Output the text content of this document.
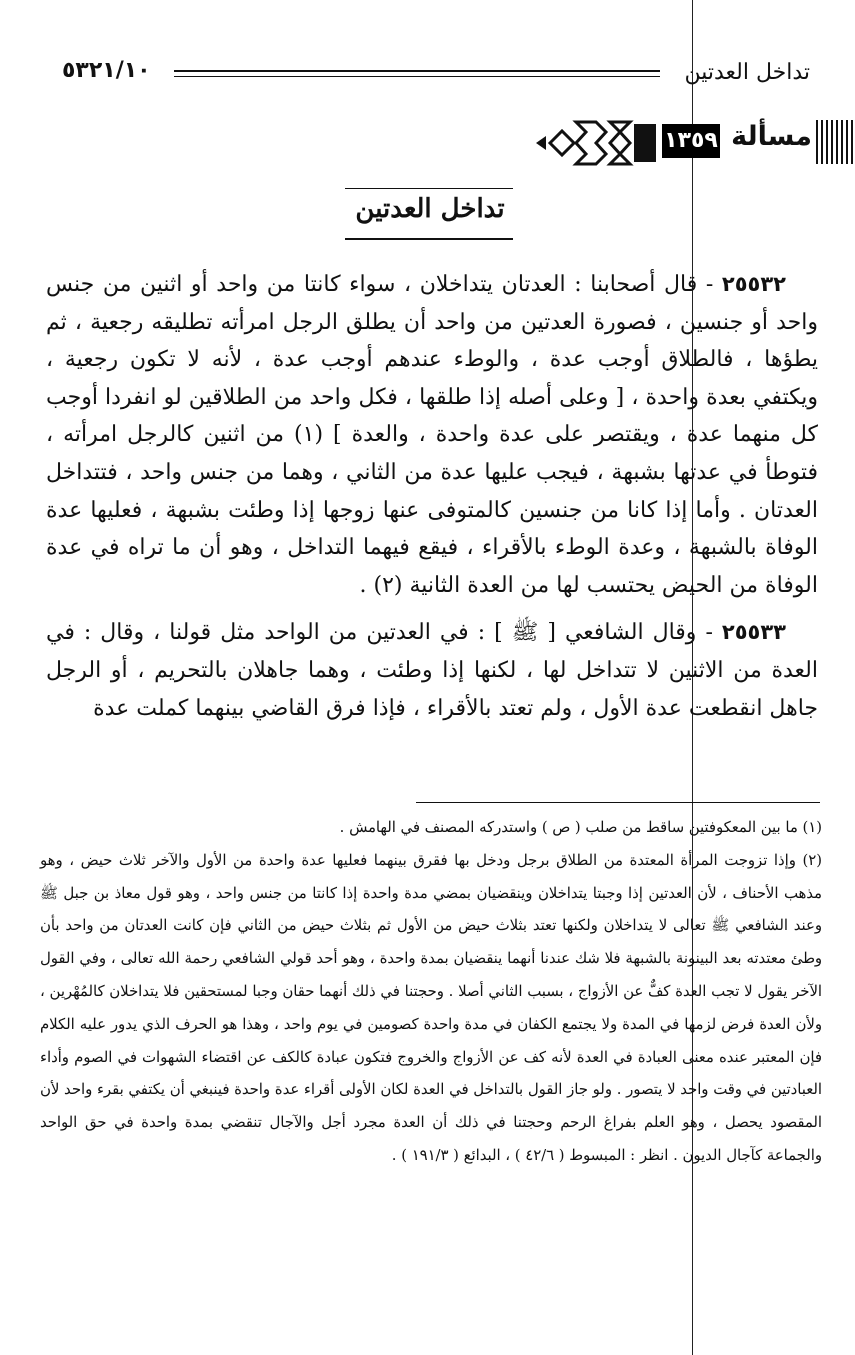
٥٣٢١/١٠	تداخل العدتين
١٣٥٩ مسألة
تداخل العدتين

٢٥٥٣٢ - قال أصحابنا : العدتان يتداخلان ، سواء كانتا من واحد أو اثنين من جنس واحد أو جنسين ، فصورة العدتين من واحد أن يطلق الرجل امرأته تطليقه رجعية ، ثم يطؤها ، فالطلاق أوجب عدة ، والوطء عندهم أوجب عدة ، لأنه لا تكون رجعية ، ويكتفي بعدة واحدة ، [ وعلى أصله إذا طلقها ، فكل واحد من الطلاقين لو انفردا أوجب كل منهما عدة ، ويقتصر على عدة واحدة ، والعدة ] (١) من اثنين كالرجل امرأته ، فتوطأ في عدتها بشبهة ، فيجب عليها عدة من الثاني ، وهما من جنس واحد ، فتتداخل العدتان . وأما إذا كانا من جنسين كالمتوفى عنها زوجها إذا وطئت بشبهة ، فعليها عدة الوفاة بالشبهة ، وعدة الوطء بالأقراء ، فيقع فيهما التداخل ، وهو أن ما تراه في عدة الوفاة من الحيض يحتسب لها من العدة الثانية (٢) .

٢٥٥٣٣ - وقال الشافعي [ ﷺ ] : في العدتين من الواحد مثل قولنا ، وقال : في العدة من الاثنين لا تتداخل لها ، لكنها إذا وطئت ، وهما جاهلان بالتحريم ، أو الرجل جاهل انقطعت عدة الأول ، ولم تعتد بالأقراء ، فإذا فرق القاضي بينهما كملت عدة

(١) ما بين المعكوفتين ساقط من صلب ( ص ) واستدركه المصنف في الهامش .

(٢) وإذا تزوجت المرأة المعتدة من الطلاق برجل ودخل بها فقرق بينهما فعليها عدة واحدة من الأول والآخر ثلاث حيض ، وهو مذهب الأحناف ، لأن العدتين إذا وجبتا يتداخلان وينقضيان بمضي مدة واحدة إذا كانتا من جنس واحد ، وهو قول معاذ بن جبل ﷺ وعند الشافعي ﷺ تعالى لا يتداخلان ولكنها تعتد بثلاث حيض من الأول ثم بثلاث حيض من الثاني فإن كانت العدتان من واحد بأن وطئ معتدته بعد البينونة بالشبهة فلا شك عندنا أنهما ينقضيان بمدة واحدة ، وهو أحد قولي الشافعي رحمة الله تعالى ، وفي القول الآخر يقول لا تجب العدة كفٌّ عن الأزواج ، بسبب الثاني أصلا . وحجتنا في ذلك أنهما حقان وجبا لمستحقين فلا يتداخلان كالمُهْرين ، ولأن العدة فرض لزمها في المدة ولا يجتمع الكفان في مدة واحدة كصومين في يوم واحد ، وهذا هو الحرف الذي يدور عليه الكلام فإن المعتبر عنده معنى العبادة في العدة لأنه كف عن الأزواج والخروج فتكون عبادة كالكف عن اقتضاء الشهوات في الصوم وأداء العبادتين في وقت واحد لا يتصور . ولو جاز القول بالتداخل في العدة لكان الأولى أقراء عدة واحدة فينبغي أن يكتفي بقرء واحد لأن المقصود يحصل ، وهو العلم بفراغ الرحم وحجتنا في ذلك أن العدة مجرد أجل والآجال تنقضي بمدة واحدة في حق الواحد والجماعة كآجال الديون . انظر : المبسوط ( ٤٢/٦ ) ، البدائع ( ١٩١/٣ ) .
